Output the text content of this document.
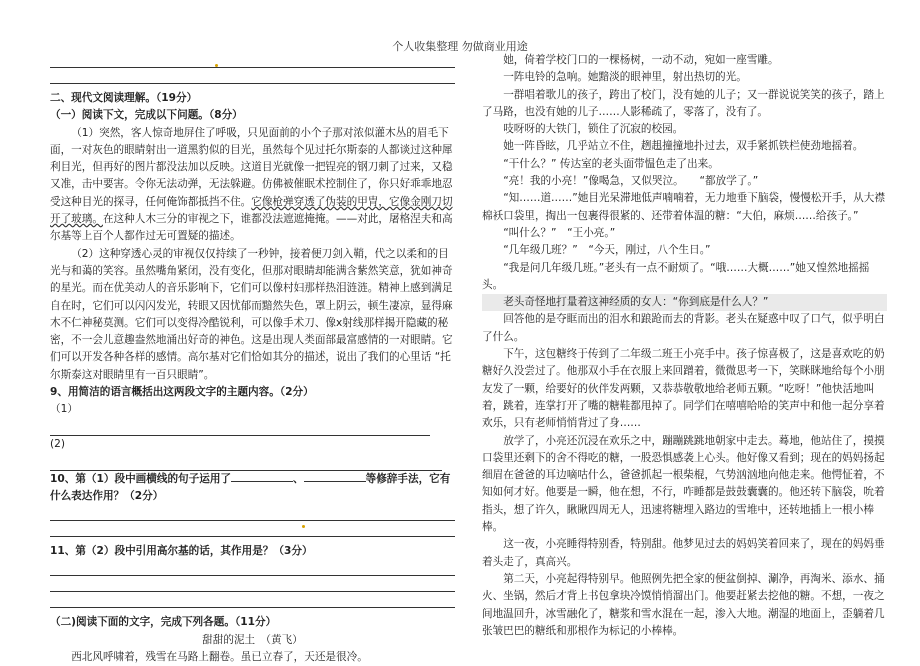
个人收集整理 勿做商业用途

二、现代文阅读理解。（19分）

（一）阅读下文，完成以下问题。（8分）

（1）突然，客人惊奇地屏住了呼吸，只见面前的小个子那对浓似灌木丛的眉毛下面，一对灰色的眼睛射出一道黑豹似的目光，虽然每个见过托尔斯泰的人都谈过这种犀利目光，但再好的图片都没法加以反映。这道目光就像一把锃亮的钢刀刺了过来，又稳又准，击中要害。令你无法动弹，无法躲避。仿佛被催眠术控制住了，你只好乖乖地忍受这种目光的探寻，任何俺饰都抵挡不住。它像枪弹穿透了伪装的甲胄，它像金刚刀切开了玻璃。在这种人木三分的审视之下，谁都没法遮遮掩掩。——对此，屠格涅夫和高尔基等上百个人都作过无可置疑的描述。

（2）这种穿透心灵的审视仅仅持续了一秒钟，接着便刀剑入鞘，代之以柔和的目光与和蔼的笑容。虽然嘴角紧闭，没有变化，但那对眼睛却能满含紫然笑意，犹如神奇的星光。而在优美动人的音乐影响下，它们可以像村妇那样热泪涟涟。精神上感到满足自在时，它们可以闪闪发光，转眼又因忧郁而黯然失色，罩上阴云，顿生凄凉，显得麻木不仁神秘莫测。它们可以变得冷酷锐利，可以像手术刀、像x射线那样揭开隐藏的秘密，不一会儿意趣盎然地涌出好奇的神色。这是出现人类面部最富感情的一对眼睛。它们可以开发各种各样的感情。高尔基对它们恰如其分的描述，说出了我们的心里话 “托尔斯泰这对眼睛里有一百只眼睛”。

9、用简洁的语言概括出这两段文字的主题内容。（2分）

（1）

(2)

10、第（1）段中画横线的句子运用了	、	等修辞手法，它有什么表达作用？（2分）

11、第（2）段中引用高尔基的话，其作用是？（3分）

（二)阅读下面的文字，完成下列各题。（11分）

甜甜的泥土　（黄飞）

西北风呼啸着，残雪在马路上翻卷。虽已立春了，天还是很冷。

她，倚着学校门口的一棵杨树，一动不动，宛如一座雪雕。

一阵电铃的急响。她黯淡的眼神里，射出热切的光。

一群唱着歌儿的孩子，跨出了校门，没有她的儿子；又一群说说笑笑的孩子，踏上了马路，也没有她的儿子……人影稀疏了，零落了，没有了。

吱呀呀的大铁门，锁住了沉寂的校园。

她一阵昏眩，几乎站立不住，趔趄撞撞地扑过去，双手紧抓铁栏使劲地摇着。

“干什么？” 传达室的老头面带愠色走了出来。

“亮！我的小亮！”像喝急，又似哭泣。　　“都放学了。”

“知……道……”她目光呆滞地低声喃喃着，无力地垂下脑袋，慢慢松开手，从大襟棉袄口袋里，掏出一包裹得很紧的、还带着体温的糖：“大伯，麻烦……给孩子。”

“叫什么？”　“王小亮。”

“几年级几班？”　“今天，刚过，八个生日。”

“我是问几年级几班。”老头有一点不耐烦了。“哦……大概……”她又惶然地摇摇头。

老头奇怪地打量着这神经质的女人：“你到底是什么人？”

回答他的是夺眶而出的泪水和踉跄而去的背影。老头在疑惑中叹了口气，似乎明白了什么。

下午，这包糖终于传到了二年级二班王小亮手中。孩子惊喜极了，这是喜欢吃的奶糖好久没尝过了。他那双小手在衣服上来回蹭着，微微思考一下，笑眯眯地给每个小朋友发了一颗，给要好的伙伴发两颗，又恭恭敬敬地给老师五颗。“吃呀！”他快活地叫着，跳着，连掌打开了嘴的糖鞋都甩掉了。同学们在嘻嘻哈哈的笑声中和他一起分享着欢乐，只有老师悄悄背过了身……

放学了，小亮还沉浸在欢乐之中，蹦蹦跳跳地朝家中走去。蓦地，他站住了，摸摸口袋里还剩下的舍不得吃的糖，一股恐惧感袭上心头。他好像又看到；现在的妈妈扬起细眉在爸爸的耳边嘀咕什么，爸爸抓起一根柴棍，气势汹汹地向他走来。他愕怔着，不知如何才好。他要是一瞬，他在想，不行，咋睡都是鼓鼓囊囊的。他还转下脑袋，吮着指头，想了许久，瞅瞅四周无人，迅速将糖埋入路边的雪堆中，还转地插上一根小棒棒。

这一夜，小亮睡得特别香，特别甜。他梦见过去的妈妈笑着回来了，现在的妈妈垂着头走了，真高兴。

第二天，小亮起得特别早。他照例先把全家的便盆倒掉、涮净，再淘米、添水、捅火、坐锅，然后才背上书包拿块冷馍悄悄溜出门。他要赶紧去挖他的糖。不想，一夜之间地温回升，冰雪融化了，糖浆和雪水混在一起，渗入大地。潮湿的地面上，歪躺着几张皱巴巴的糖纸和那根作为标记的小棒棒。
